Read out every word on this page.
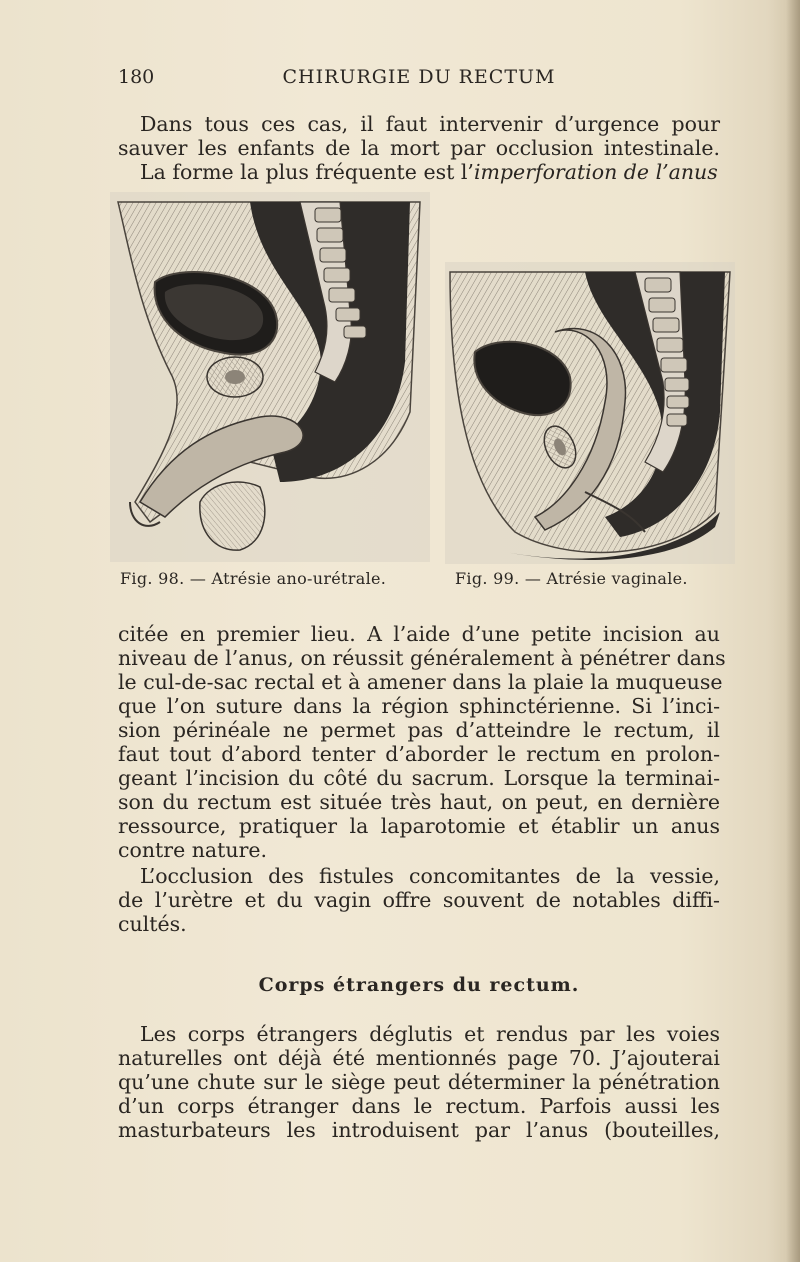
180	CHIRURGIE DU RECTUM
Dans tous ces cas, il faut intervenir d’urgence pour
sauver les enfants de la mort par occlusion intestinale.
La forme la plus fréquente est l’imperforation de l’anus
Fig. 98. — Atrésie ano-urétrale.	Fig. 99. — Atrésie vaginale.
citée en premier lieu. A l’aide d’une petite incision au
niveau de l’anus, on réussit généralement à pénétrer dans
le cul-de-sac rectal et à amener dans la plaie la muqueuse
que l’on suture dans la région sphinctérienne. Si l’inci-
sion périnéale ne permet pas d’atteindre le rectum, il
faut tout d’abord tenter d’aborder le rectum en prolon-
geant l’incision du côté du sacrum. Lorsque la terminai-
son du rectum est située très haut, on peut, en dernière
ressource, pratiquer la laparotomie et établir un anus
contre nature.
L’occlusion des fistules concomitantes de la vessie,
de l’urètre et du vagin offre souvent de notables diffi-
cultés.
Corps étrangers du rectum.
Les corps étrangers déglutis et rendus par les voies
naturelles ont déjà été mentionnés page 70. J’ajouterai
qu’une chute sur le siège peut déterminer la pénétration
d’un corps étranger dans le rectum. Parfois aussi les
masturbateurs les introduisent par l’anus (bouteilles,
